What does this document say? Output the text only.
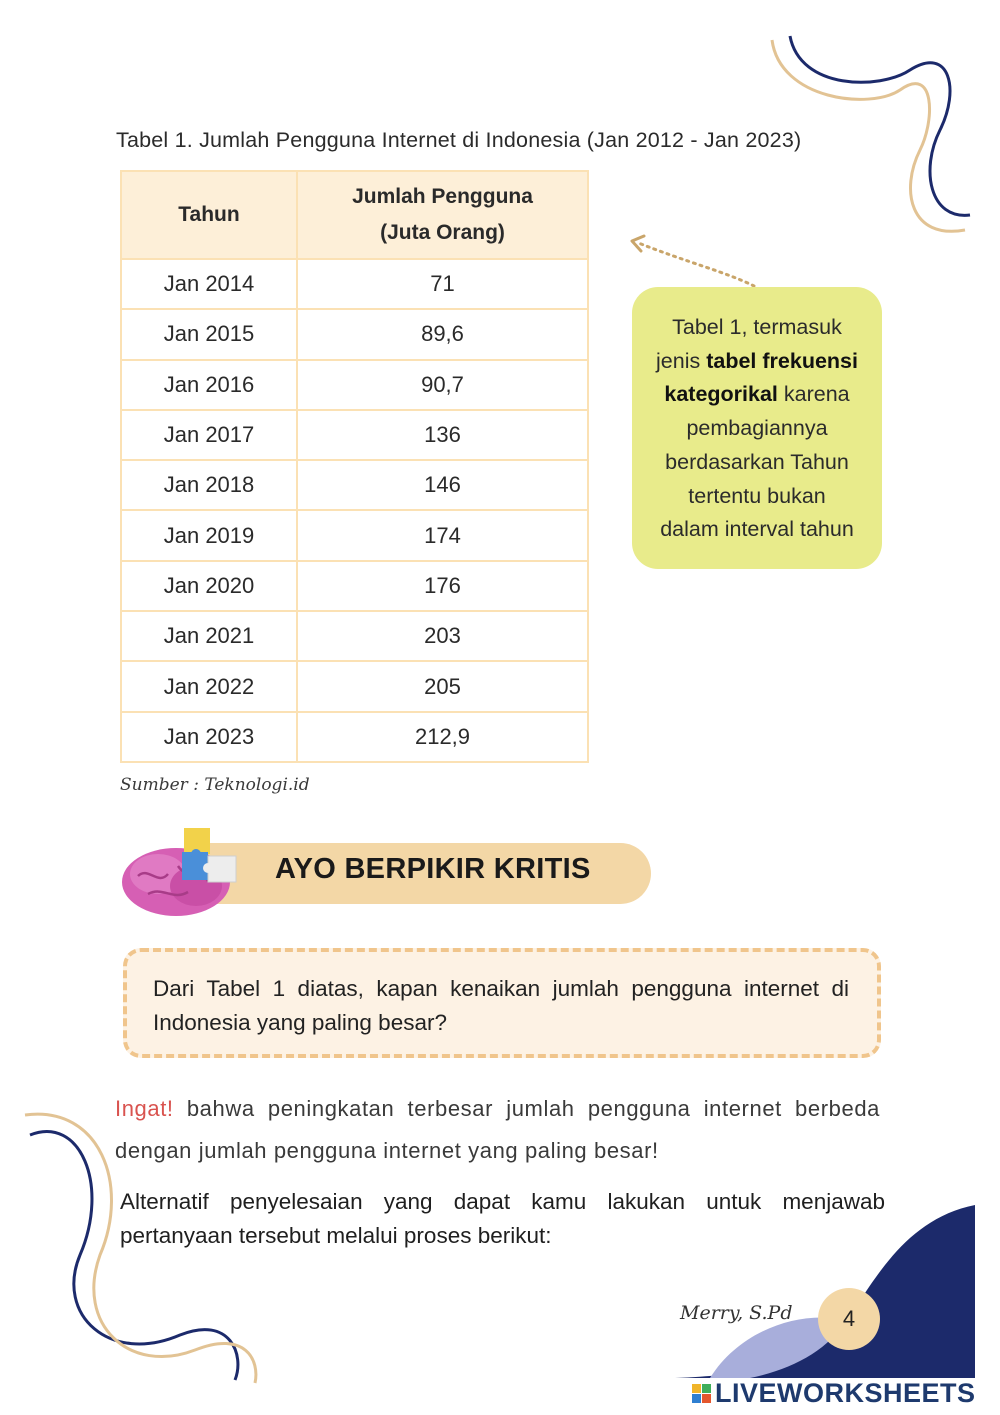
Tabel 1. Jumlah Pengguna Internet di Indonesia (Jan 2012 - Jan 2023)
Tahun	Jumlah Pengguna
(Juta Orang)

Jan 2014	71
Jan 2015	89,6
Jan 2016	90,7
Jan 2017	136
Jan 2018	146
Jan 2019	174
Jan 2020	176
Jan 2021	203
Jan 2022	205
Jan 2023	212,9
Sumber : Teknologi.id
Tabel 1, termasuk
jenis tabel frekuensi
kategorikal karena
pembagiannya
berdasarkan Tahun
tertentu bukan
dalam interval tahun
AYO BERPIKIR KRITIS
Dari Tabel 1 diatas, kapan kenaikan jumlah pengguna internet di Indonesia yang paling besar?
Ingat! bahwa peningkatan terbesar jumlah pengguna internet berbeda dengan jumlah pengguna internet yang paling besar!
Alternatif penyelesaian yang dapat kamu lakukan untuk menjawab pertanyaan tersebut melalui proses berikut:
Merry, S.Pd 4
LIVEWORKSHEETS
